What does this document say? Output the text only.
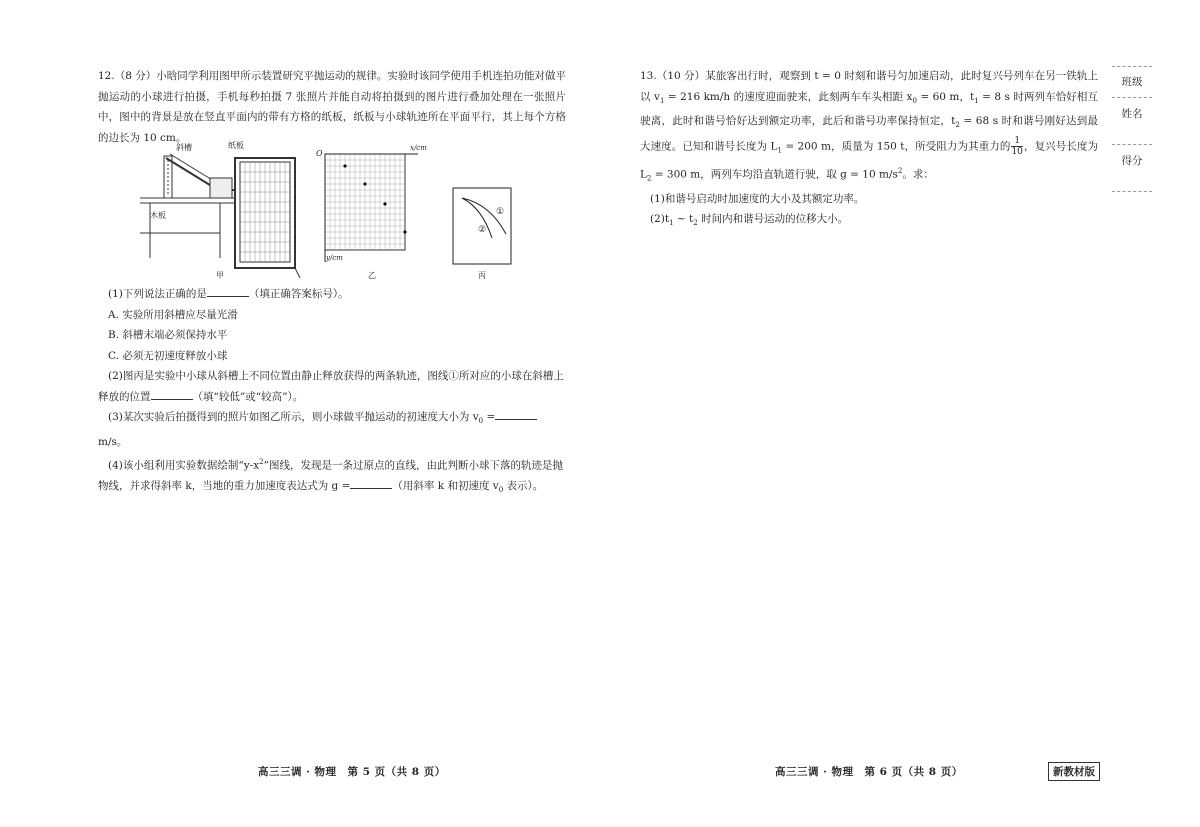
12.（8 分）小晗同学利用图甲所示装置研究平抛运动的规律。实验时该同学使用手机连拍功能对做平抛运动的小球进行拍摄，手机每秒拍摄 7 张照片并能自动将拍摄到的图片进行叠加处理在一张照片中，图中的背景是放在竖直平面内的带有方格的纸板，纸板与小球轨迹所在平面平行，其上每个方格的边长为 10 cm。

斜槽	纸板
木板
O
x/cm
y/cm
①
②
甲	乙	丙

(1)下列说法正确的是	（填正确答案标号）。

A. 实验所用斜槽应尽量光滑

B. 斜槽末端必须保持水平

C. 必须无初速度释放小球

(2)图丙是实验中小球从斜槽上不同位置由静止释放获得的两条轨迹，图线①所对应的小球在斜槽上释放的位置	（填“较低”或“较高”）。

(3)某次实验后拍摄得到的照片如图乙所示，则小球做平抛运动的初速度大小为 $v_0 = m/s$。

(4)该小组利用实验数据绘制“$y-x^2$”图线，发现是一条过原点的直线，由此判断小球下落的轨迹是抛物线，并求得斜率 k，当地的重力加速度表达式为 g =	（用斜率 k 和初速度 $v_0$ 表示）。

13.（10 分）某旅客出行时，观察到 t = 0 时刻和谐号匀加速启动，此时复兴号列车在另一铁轨上以 $v_1 = 216$ km/h 的速度迎面驶来，此刻两车车头相距 $x_0 = 60$ m，$t_1 = 8$ s 时两列车恰好相互驶离，此时和谐号恰好达到额定功率，此后和谐号功率保持恒定，$t_2 = 68$ s 时和谐号刚好达到最大速度。已知和谐号长度为 $L_1 = 200$ m，质量为 150 t，所受阻力为其重力的 $\frac{1}{10}$ ，复兴号长度为 $L_2 = 300$ m，两列车均沿直轨道行驶，取 g = 10 $m/s^2$。求：

(1)和谐号启动时加速度的大小及其额定功率。

$(2)t_1$ ~ $t_2$ 时间内和谐号运动的位移大小。

班级
姓名
得分
高三三调 · 物理　第 5 页（共 8 页）	高三三调 · 物理　第 6 页（共 8 页）	新教材版
